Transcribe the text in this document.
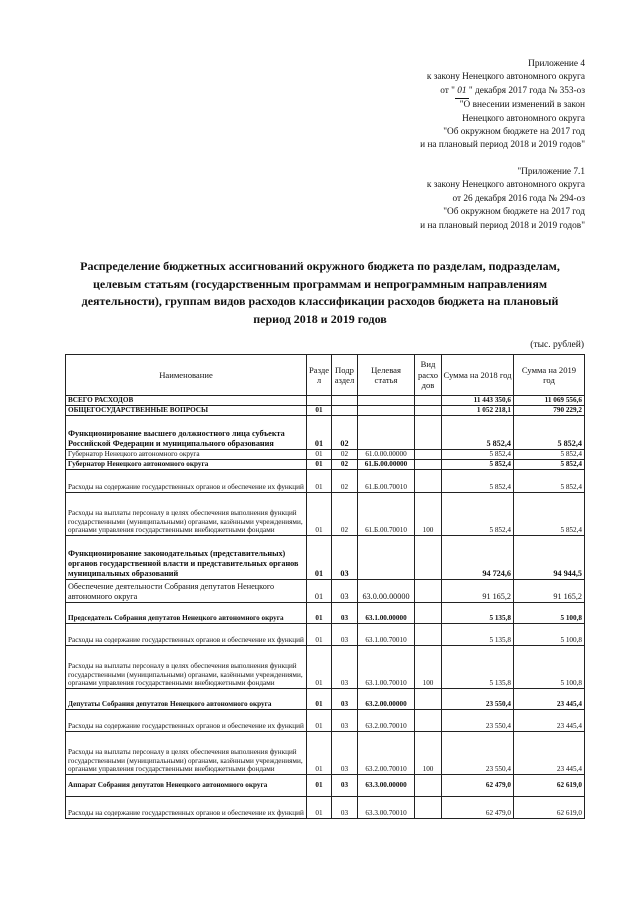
Приложение 4
к закону Ненецкого автономного округа
от " 01 " декабря 2017 года № 353-оз
"О внесении изменений в закон
Ненецкого автономного округа
"Об окружном бюджете на 2017 год
и на плановый период 2018 и 2019 годов"
"Приложение 7.1
к закону Ненецкого автономного округа
от 26 декабря 2016 года № 294-оз
"Об окружном бюджете на 2017 год
и на плановый период 2018 и 2019 годов"
Распределение бюджетных ассигнований окружного бюджета по разделам, подразделам, целевым статьям (государственным программам и непрограммным направлениям деятельности), группам видов расходов классификации расходов бюджета на плановый период 2018 и 2019 годов
(тыс. рублей)
Наименование	Разде л	Подр аздел	Целевая статья	Вид расхо дов	Сумма на 2018 год	Сумма на 2019 год
ВСЕГО РАСХОДОВ					11 443 350,6	11 069 556,6
ОБЩЕГОСУДАРСТВЕННЫЕ ВОПРОСЫ	01				1 052 218,1	790 229,2
Функционирование высшего должностного лица субъекта Российской Федерации и муниципального образования	01	02			5 852,4	5 852,4
Губернатор Ненецкого автономного округа	01	02	61.0.00.00000		5 852,4	5 852,4
Губернатор Ненецкого автономного округа	01	02	61.Б.00.00000		5 852,4	5 852,4
Расходы на содержание государственных органов и обеспечение их функций	01	02	61.Б.00.70010		5 852,4	5 852,4
Расходы на выплаты персоналу в целях обеспечения выполнения функций государственными (муниципальными) органами, казёнными учреждениями, органами управления государственными внебюджетными фондами	01	02	61.Б.00.70010	100	5 852,4	5 852,4
Функционирование законодательных (представительных) органов государственной власти и представительных органов муниципальных образований	01	03			94 724,6	94 944,5
Обеспечение деятельности Собрания депутатов Ненецкого автономного округа	01	03	63.0.00.00000		91 165,2	91 165,2
Председатель Собрания депутатов Ненецкого автономного округа	01	03	63.1.00.00000		5 135,8	5 100,8
Расходы на содержание государственных органов и обеспечение их функций	01	03	63.1.00.70010		5 135,8	5 100,8
Расходы на выплаты персоналу в целях обеспечения выполнения функций государственными (муниципальными) органами, казёнными учреждениями, органами управления государственными внебюджетными фондами	01	03	63.1.00.70010	100	5 135,8	5 100,8
Депутаты Собрания депутатов Ненецкого автономного округа	01	03	63.2.00.00000		23 550,4	23 445,4
Расходы на содержание государственных органов и обеспечение их функций	01	03	63.2.00.70010		23 550,4	23 445,4
Расходы на выплаты персоналу в целях обеспечения выполнения функций государственными (муниципальными) органами, казёнными учреждениями, органами управления государственными внебюджетными фондами	01	03	63.2.00.70010	100	23 550,4	23 445,4
Аппарат Собрания депутатов Ненецкого автономного округа	01	03	63.3.00.00000		62 479,0	62 619,0
Расходы на содержание государственных органов и обеспечение их функций	01	03	63.3.00.70010		62 479,0	62 619,0
